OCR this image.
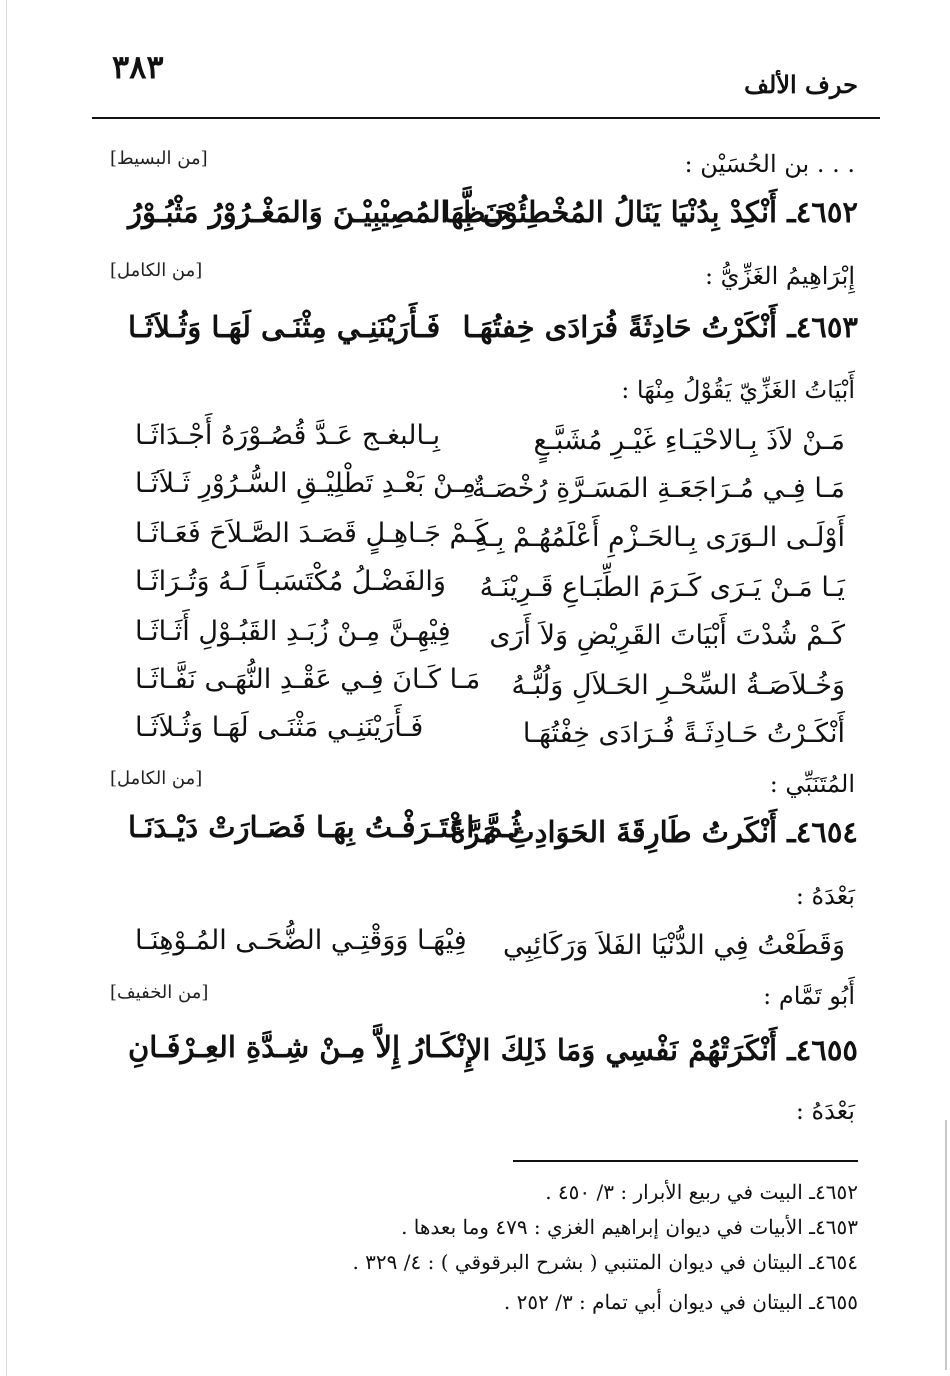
حرف الألف
٣٨٣
. . . بن الحُسَيْن :
[من البسيط]
٤٦٥٢ـ أَنْكِدْ بِدُنْيَا يَنَالُ المُخْطِئُوْنَ بِهَا
حَـظَّ المُصِيْبِيْـنَ وَالمَغْـرُوْرُ مَثْبُـوْرُ
إِبْرَاهِيمُ الغَزِّيُّ :
[من الكامل]
٤٦٥٣ـ أَنْكَرْتُ حَادِثَةً فُرَادَى خِفتُهَـا
فَـأَرَيْنَنِـي مِثْنَـى لَهَـا وَثُـلاَثَـا
أَبْيَاتُ الغَزِّيّ يَقُوْلُ مِنْهَا :
مَـنْ لاَذَ بِـالاحْيَـاءِ غَيْـرِ مُشَبَّـعٍ
بِـالبغـج عَـدَّ قُصُـوْرَهُ أَجْـدَاثَـا
مَـا فِـي مُـرَاجَعَـةِ المَسَـرَّةِ رُخْصَـةٌ
مِـنْ بَعْـدِ تَطْلِيْـقِ السُّـرُوْرِ ثَـلاَثَـا
أَوْلَـى الـوَرَى بِـالحَـزْمِ أَعْلَمُهُـمْ بِـهِ
كَـمْ جَـاهِـلٍ قَصَـدَ الصَّـلاَحَ فَعَـاثَـا
يَـا مَـنْ يَـرَى كَـرَمَ الطِّبَـاعِ قَـرِيْنَـهُ
وَالفَضْـلُ مُكْتَسَبـاً لَـهُ وَتُـرَاثَـا
كَـمْ شُدْتَ أَبْيَاتَ القَرِيْضِ وَلاَ أَرَى
فِيْهِـنَّ مِـنْ زُبَـدِ القَبُـوْلِ أَثَـاثَـا
وَخُـلاَصَـةُ السِّحْـرِ الحَـلاَلِ وَلُبُّـهُ
مَـا كَـانَ فِـي عَقْـدِ النُّهَـى نَفَّـاثَـا
أَنْكَـرْتُ حَـادِثَـةً فُـرَادَى خِفْتُهَـا
فَـأَرَيْنَنِـي مَثْنَـى لَهَـا وَثُـلاَثَـا
المُتَنَبِّي :
[من الكامل]
٤٦٥٤ـ أَنْكَرتُ طَارِقَةَ الحَوَادِثِ مَرَّةً
ثُـمَّ اعْتَـرَفْـتُ بِهَـا فَصَـارَتْ دَيْـدَنَـا
بَعْدَهُ :
وَقَطَعْتُ فِي الدُّنْيَا الفَلاَ وَرَكَائِبِي
فِيْهَـا وَوَقْتِـي الضُّحَـى المُـوْهِنَـا
أَبُو تَمَّام :
[من الخفيف]
٤٦٥٥ـ أَنْكَرَتْهُمْ نَفْسِي وَمَا ذَلِكَ الإِ
نْكَـارُ إِلاَّ مِـنْ شِـدَّةِ العِـرْفَـانِ
بَعْدَهُ :
٤٦٥٢ـ البيت في ربيع الأبرار : ٣/ ٤٥٠ .
٤٦٥٣ـ الأبيات في ديوان إبراهيم الغزي : ٤٧٩ وما بعدها .
٤٦٥٤ـ البيتان في ديوان المتنبي ( بشرح البرقوقي ) : ٤/ ٣٢٩ .
٤٦٥٥ـ البيتان في ديوان أبي تمام : ٣/ ٢٥٢ .
